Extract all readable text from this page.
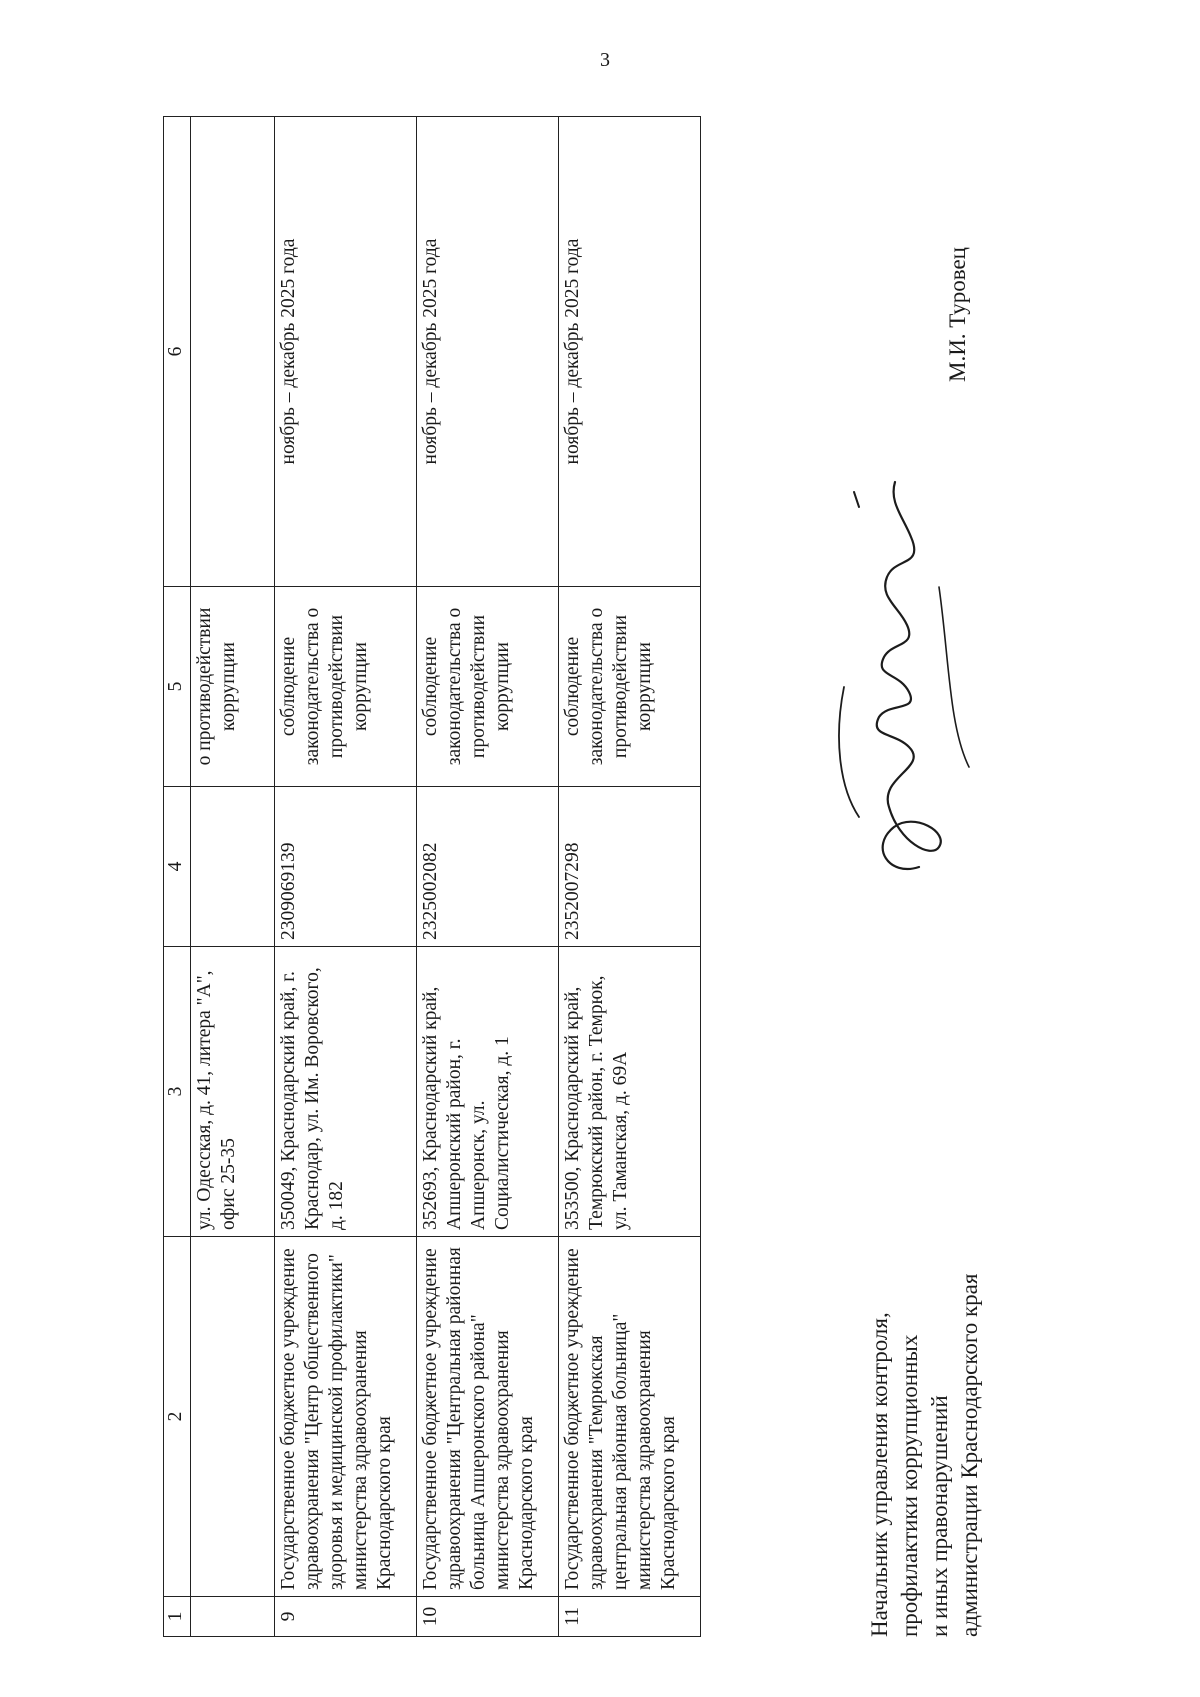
3
1	2	3	4	5	6
		ул. Одесская, д. 41, литера "А", офис 25-35		о противодействии коррупции	
9	Государственное бюджетное учреждение здравоохранения "Центр общественного здоровья и медицинской профилактики" министерства здравоохранения Краснодарского края	350049, Краснодарский край, г. Краснодар, ул. Им. Воровского, д. 182	2309069139	соблюдение законодательства о противодействии коррупции	ноябрь – декабрь 2025 года
10	Государственное бюджетное учреждение здравоохранения "Центральная районная больница Апшеронского района" министерства здравоохранения Краснодарского края	352693, Краснодарский край, Апшеронский район, г. Апшеронск, ул. Социалистическая, д. 1	2325002082	соблюдение законодательства о противодействии коррупции	ноябрь – декабрь 2025 года
11	Государственное бюджетное учреждение здравоохранения "Темрюкская центральная районная больница" министерства здравоохранения Краснодарского края	353500, Краснодарский край, Темрюкский район, г. Темрюк, ул. Таманская, д. 69А	2352007298	соблюдение законодательства о противодействии коррупции	ноябрь – декабрь 2025 года
Начальник управления контроля, профилактики коррупционных и иных правонарушений администрации Краснодарского края
М.И. Туровец
